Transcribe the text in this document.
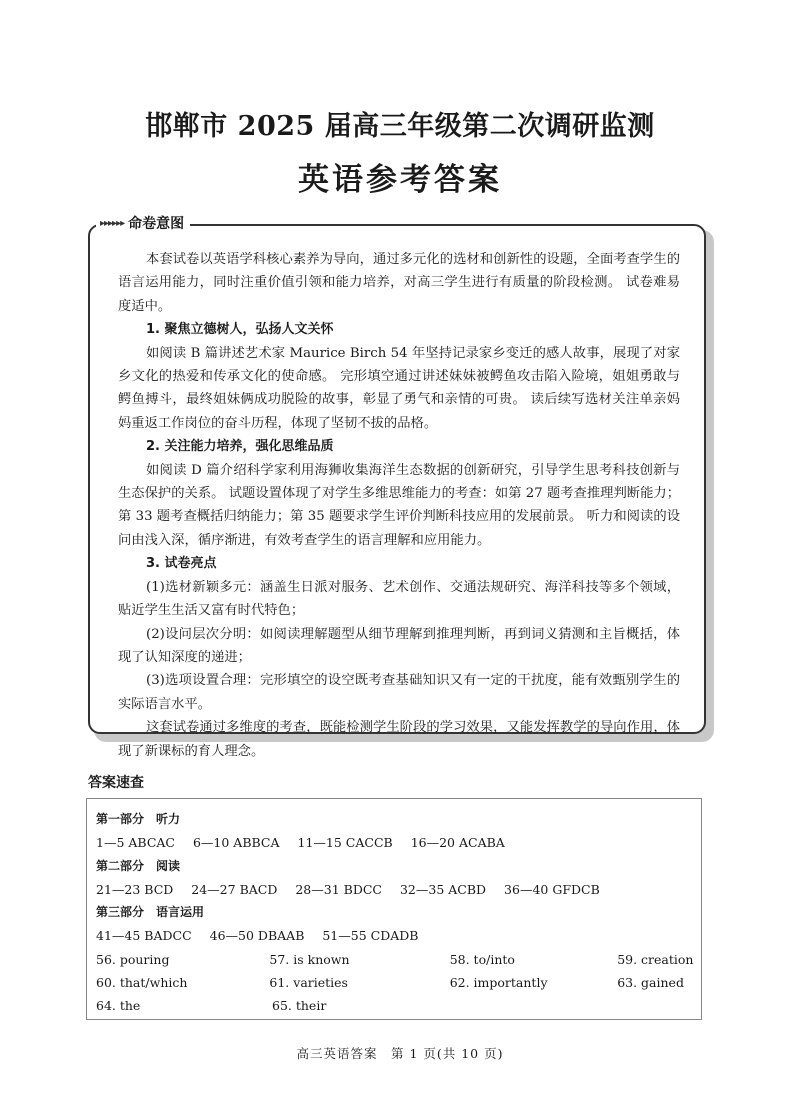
邯郸市 2025 届高三年级第二次调研监测
英语参考答案
▸▸▸▸▸▸ 命卷意图

本套试卷以英语学科核心素养为导向，通过多元化的选材和创新性的设题，全面考查学生的语言运用能力，同时注重价值引领和能力培养，对高三学生进行有质量的阶段检测。 试卷难易度适中。

1. 聚焦立德树人，弘扬人文关怀

如阅读 B 篇讲述艺术家 Maurice Birch 54 年坚持记录家乡变迁的感人故事，展现了对家乡文化的热爱和传承文化的使命感。 完形填空通过讲述妹妹被鳄鱼攻击陷入险境，姐姐勇敢与鳄鱼搏斗，最终姐妹俩成功脱险的故事，彰显了勇气和亲情的可贵。 读后续写选材关注单亲妈妈重返工作岗位的奋斗历程，体现了坚韧不拔的品格。

2. 关注能力培养，强化思维品质

如阅读 D 篇介绍科学家利用海狮收集海洋生态数据的创新研究，引导学生思考科技创新与生态保护的关系。 试题设置体现了对学生多维思维能力的考查：如第 27 题考查推理判断能力；第 33 题考查概括归纳能力；第 35 题要求学生评价判断科技应用的发展前景。 听力和阅读的设问由浅入深，循序渐进，有效考查学生的语言理解和应用能力。

3. 试卷亮点

(1)选材新颖多元：涵盖生日派对服务、艺术创作、交通法规研究、海洋科技等多个领域，贴近学生生活又富有时代特色；

(2)设问层次分明：如阅读理解题型从细节理解到推理判断，再到词义猜测和主旨概括，体现了认知深度的递进；

(3)选项设置合理：完形填空的设空既考查基础知识又有一定的干扰度，能有效甄别学生的实际语言水平。

这套试卷通过多维度的考查，既能检测学生阶段的学习效果，又能发挥教学的导向作用，体现了新课标的育人理念。

答案速查
第一部分　听力
1—5 ABCAC 6—10 ABBCA 11—15 CACCB 16—20 ACABA
第二部分　阅读
21—23 BCD 24—27 BACD 28—31 BDCC 32—35 ACBD 36—40 GFDCB
第三部分　语言运用
41—45 BADCC 46—50 DBAAB 51—55 CDADB
56. pouring	57. is known	58. to/into	59. creation
60. that/which	61. varieties	62. importantly	63. gained
64. the	65. their
高三英语答案　第 1 页(共 10 页)
